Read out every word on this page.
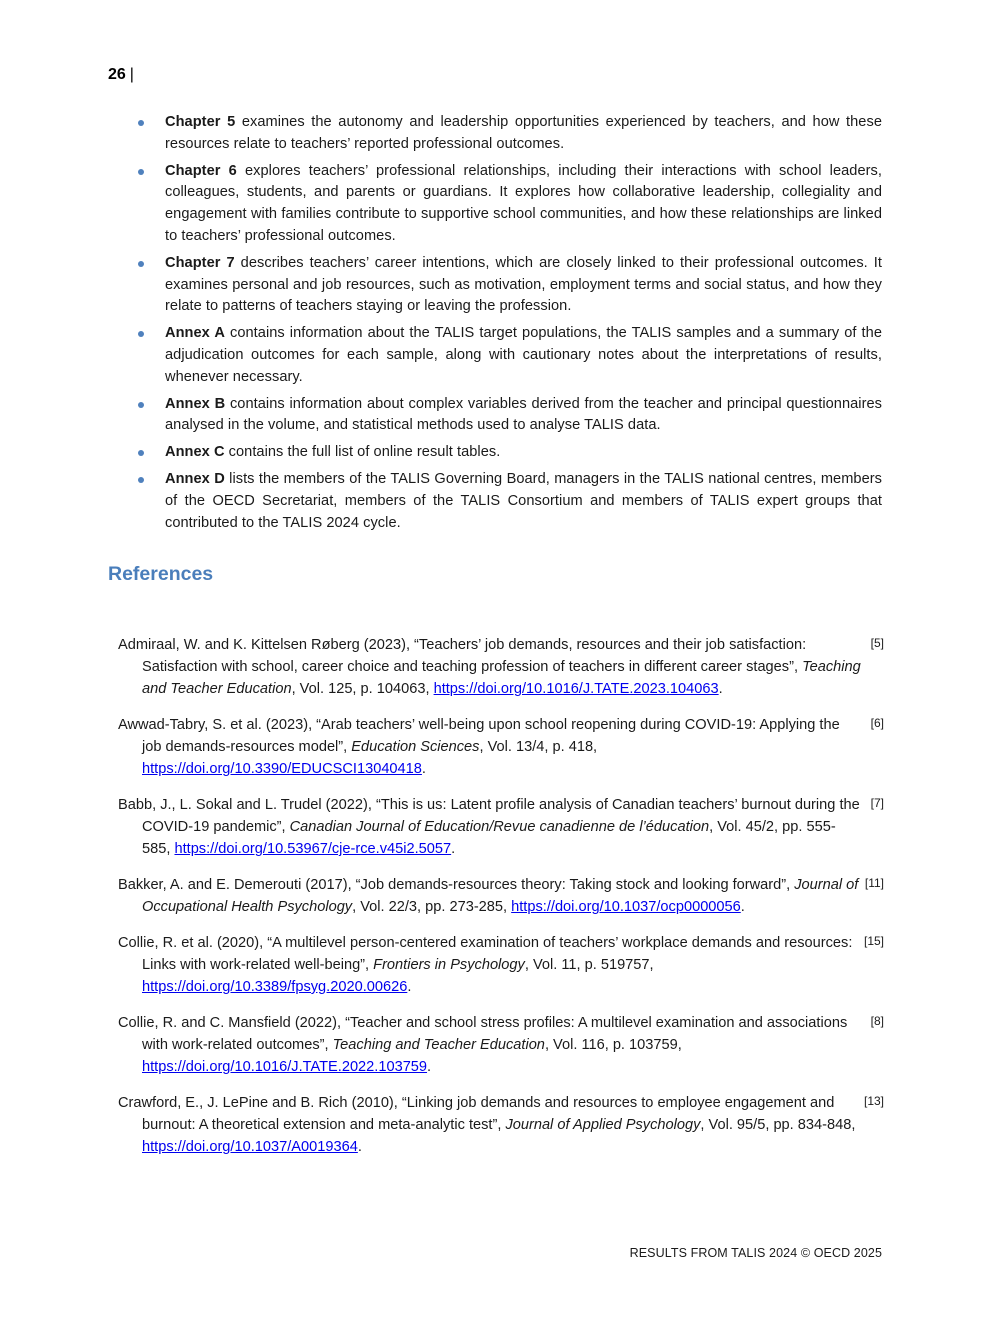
26 |
Chapter 5 examines the autonomy and leadership opportunities experienced by teachers, and how these resources relate to teachers’ reported professional outcomes.
Chapter 6 explores teachers’ professional relationships, including their interactions with school leaders, colleagues, students, and parents or guardians. It explores how collaborative leadership, collegiality and engagement with families contribute to supportive school communities, and how these relationships are linked to teachers’ professional outcomes.
Chapter 7 describes teachers’ career intentions, which are closely linked to their professional outcomes. It examines personal and job resources, such as motivation, employment terms and social status, and how they relate to patterns of teachers staying or leaving the profession.
Annex A contains information about the TALIS target populations, the TALIS samples and a summary of the adjudication outcomes for each sample, along with cautionary notes about the interpretations of results, whenever necessary.
Annex B contains information about complex variables derived from the teacher and principal questionnaires analysed in the volume, and statistical methods used to analyse TALIS data.
Annex C contains the full list of online result tables.
Annex D lists the members of the TALIS Governing Board, managers in the TALIS national centres, members of the OECD Secretariat, members of the TALIS Consortium and members of TALIS expert groups that contributed to the TALIS 2024 cycle.
References
Admiraal, W. and K. Kittelsen Røberg (2023), “Teachers’ job demands, resources and their job satisfaction: Satisfaction with school, career choice and teaching profession of teachers in different career stages”, Teaching and Teacher Education, Vol. 125, p. 104063, https://doi.org/10.1016/J.TATE.2023.104063.
[5]
Awwad-Tabry, S. et al. (2023), “Arab teachers’ well-being upon school reopening during COVID-19: Applying the job demands-resources model”, Education Sciences, Vol. 13/4, p. 418, https://doi.org/10.3390/EDUCSCI13040418.
[6]
Babb, J., L. Sokal and L. Trudel (2022), “This is us: Latent profile analysis of Canadian teachers’ burnout during the COVID-19 pandemic”, Canadian Journal of Education/Revue canadienne de l’éducation, Vol. 45/2, pp. 555-585, https://doi.org/10.53967/cje-rce.v45i2.5057.
[7]
Bakker, A. and E. Demerouti (2017), “Job demands-resources theory: Taking stock and looking forward”, Journal of Occupational Health Psychology, Vol. 22/3, pp. 273-285, https://doi.org/10.1037/ocp0000056.
[11]
Collie, R. et al. (2020), “A multilevel person-centered examination of teachers’ workplace demands and resources: Links with work-related well-being”, Frontiers in Psychology, Vol. 11, p. 519757, https://doi.org/10.3389/fpsyg.2020.00626.
[15]
Collie, R. and C. Mansfield (2022), “Teacher and school stress profiles: A multilevel examination and associations with work-related outcomes”, Teaching and Teacher Education, Vol. 116, p. 103759, https://doi.org/10.1016/J.TATE.2022.103759.
[8]
Crawford, E., J. LePine and B. Rich (2010), “Linking job demands and resources to employee engagement and burnout: A theoretical extension and meta-analytic test”, Journal of Applied Psychology, Vol. 95/5, pp. 834-848, https://doi.org/10.1037/A0019364.
[13]
RESULTS FROM TALIS 2024 © OECD 2025
